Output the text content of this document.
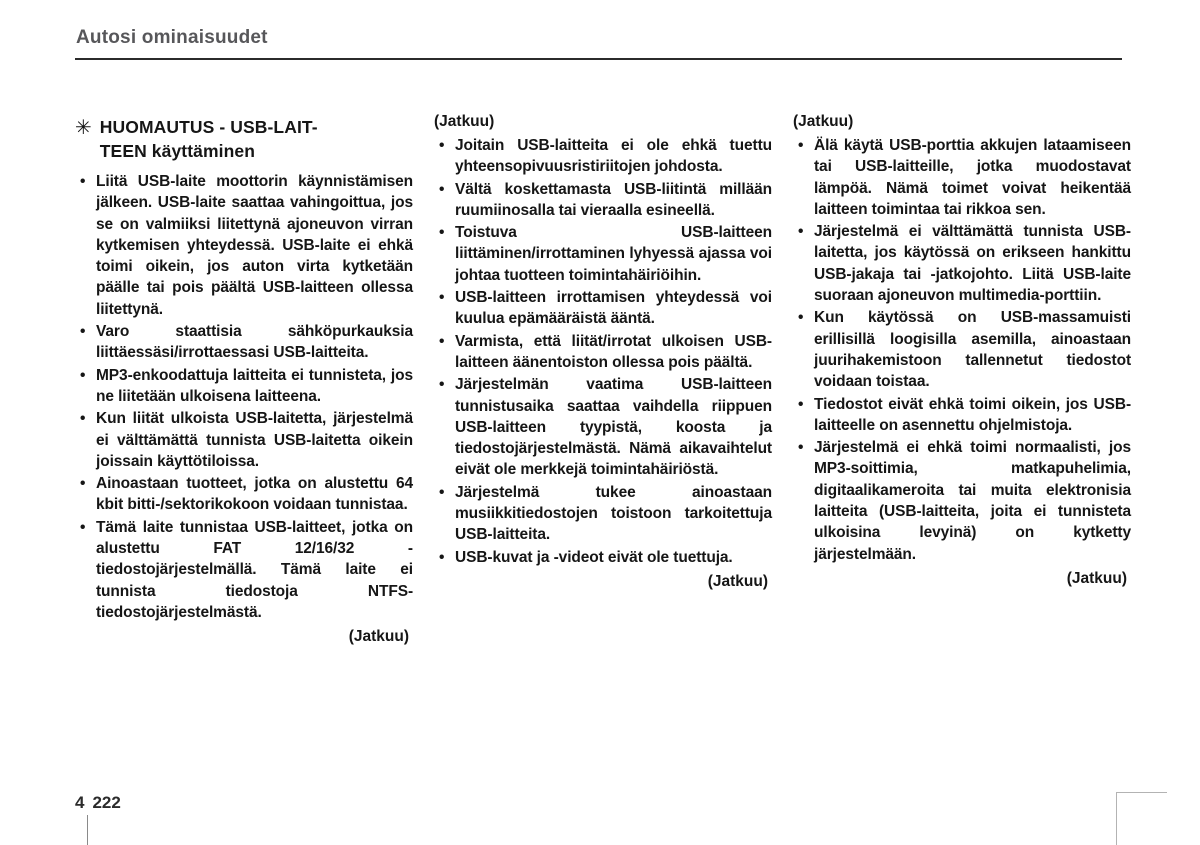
Autosi ominaisuudet
✳ HUOMAUTUS - USB-LAIT-
TEEN käyttäminen
• Liitä USB-laite moottorin käynnistämisen jälkeen. USB-laite saattaa vahingoittua, jos se on valmiiksi liitettynä ajoneuvon virran kytkemisen yhteydessä. USB-laite ei ehkä toimi oikein, jos auton virta kytketään päälle tai pois päältä USB-laitteen ollessa liitettynä.
• Varo staattisia sähköpurkauksia liittäessäsi/irrottaessasi USB-laitteita.
• MP3-enkoodattuja laitteita ei tunnisteta, jos ne liitetään ulkoisena laitteena.
• Kun liität ulkoista USB-laitetta, järjestelmä ei välttämättä tunnista USB-laitetta oikein joissain käyttötiloissa.
• Ainoastaan tuotteet, jotka on alustettu 64 kbit bitti-/sektorikokoon voidaan tunnistaa.
• Tämä laite tunnistaa USB-laitteet, jotka on alustettu FAT 12/16/32 -tiedostojärjestelmällä. Tämä laite ei tunnista tiedostoja NTFS-tiedostojärjestelmästä.
(Jatkuu)
(Jatkuu)
• Joitain USB-laitteita ei ole ehkä tuettu yhteensopivuusristiriitojen johdosta.
• Vältä koskettamasta USB-liitintä millään ruumiinosalla tai vieraalla esineellä.
• Toistuva USB-laitteen liittäminen/irrottaminen lyhyessä ajassa voi johtaa tuotteen toimintahäiriöihin.
• USB-laitteen irrottamisen yhteydessä voi kuulua epämääräistä ääntä.
• Varmista, että liität/irrotat ulkoisen USB-laitteen äänentoiston ollessa pois päältä.
• Järjestelmän vaatima USB-laitteen tunnistusaika saattaa vaihdella riippuen USB-laitteen tyypistä, koosta ja tiedostojärjestelmästä. Nämä aikavaihtelut eivät ole merkkejä toimintahäiriöstä.
• Järjestelmä tukee ainoastaan musiikkitiedostojen toistoon tarkoitettuja USB-laitteita.
• USB-kuvat ja -videot eivät ole tuettuja.
(Jatkuu)
(Jatkuu)
• Älä käytä USB-porttia akkujen lataamiseen tai USB-laitteille, jotka muodostavat lämpöä. Nämä toimet voivat heikentää laitteen toimintaa tai rikkoa sen.
• Järjestelmä ei välttämättä tunnista USB-laitetta, jos käytössä on erikseen hankittu USB-jakaja tai -jatkojohto. Liitä USB-laite suoraan ajoneuvon multimedia-porttiin.
• Kun käytössä on USB-massamuisti erillisillä loogisilla asemilla, ainoastaan juurihakemistoon tallennetut tiedostot voidaan toistaa.
• Tiedostot eivät ehkä toimi oikein, jos USB-laitteelle on asennettu ohjelmistoja.
• Järjestelmä ei ehkä toimi normaalisti, jos MP3-soittimia, matkapuhelimia, digitaalikameroita tai muita elektronisia laitteita (USB-laitteita, joita ei tunnisteta ulkoisina levyinä) on kytketty järjestelmään.
(Jatkuu)
4 222
